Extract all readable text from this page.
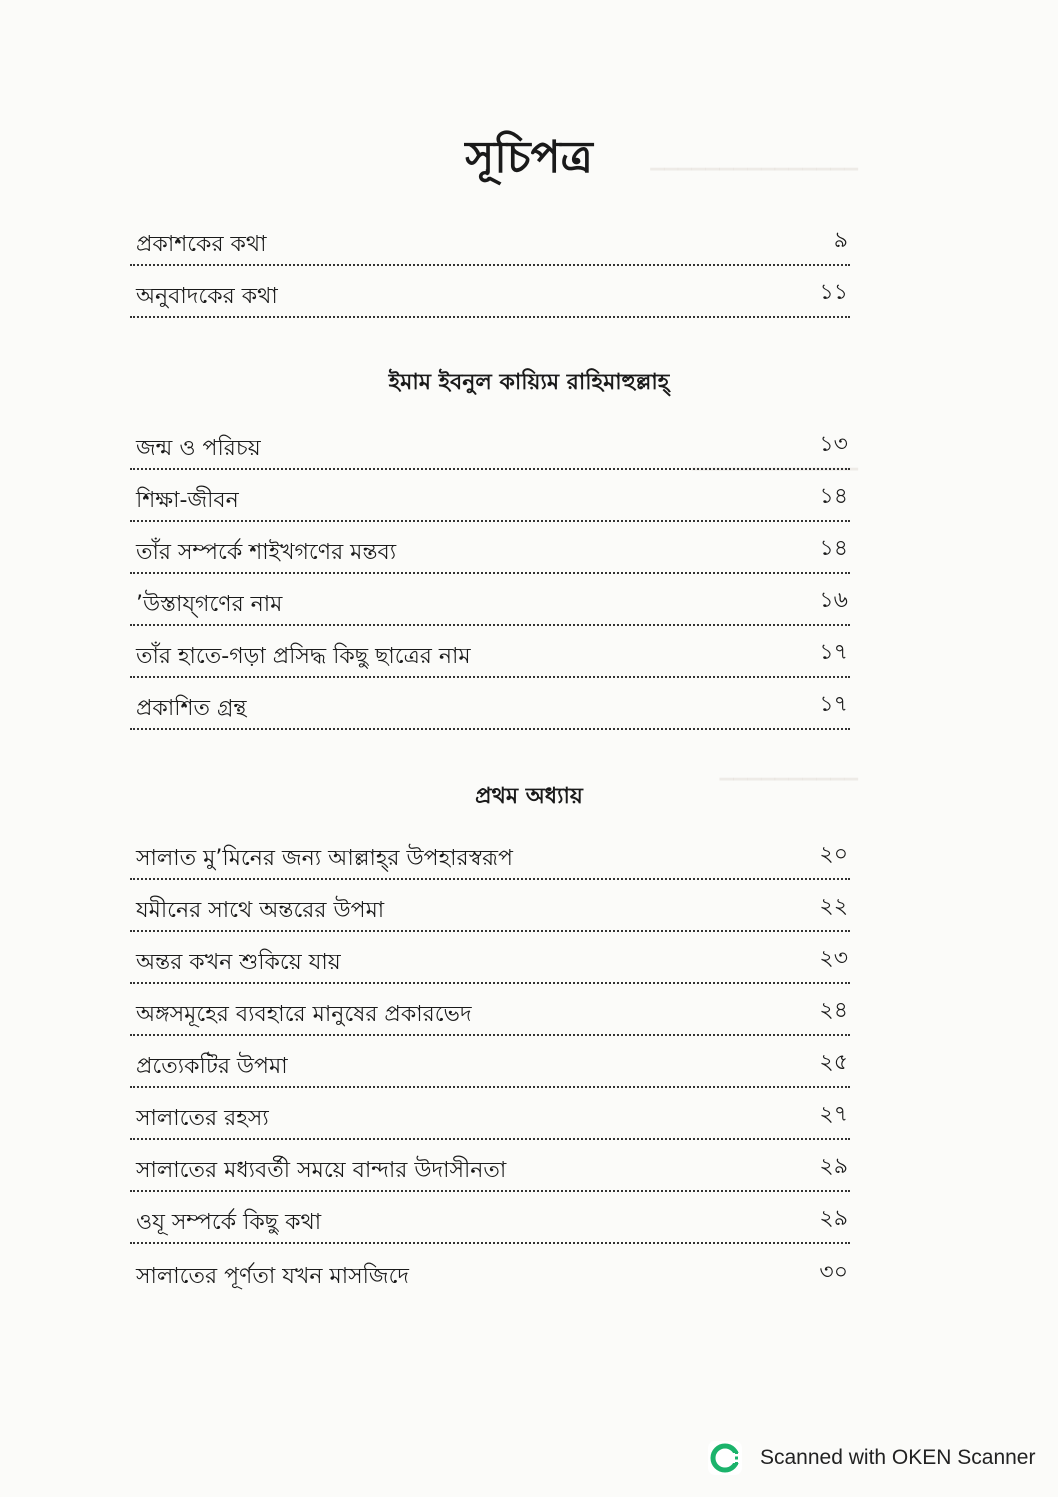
▁▁▁▁▁▁▁▁▁▁▁▁▁▁▁
▁▁▁▁▁▁▁▁▁▁▁▁
▁▁▁▁▁▁▁▁▁▁
সূচিপত্র
প্রকাশকের কথা	৯
অনুবাদকের কথা	১১
জন্ম ও পরিচয়	১৩
শিক্ষা-জীবন	১৪
তাঁর সম্পর্কে শাইখগণের মন্তব্য	১৪
’উস্তায্‌গণের নাম	১৬
তাঁর হাতে-গড়া প্রসিদ্ধ কিছু ছাত্রের নাম	১৭
প্রকাশিত গ্রন্থ	১৭
সালাত মু’মিনের জন্য আল্লাহ্‌র উপহারস্বরূপ	২০
যমীনের সাথে অন্তরের উপমা	২২
অন্তর কখন শুকিয়ে যায়	২৩
অঙ্গসমূহের ব্যবহারে মানুষের প্রকারভেদ	২৪
প্রত্যেকটির উপমা	২৫
সালাতের রহস্য	২৭
সালাতের মধ্যবর্তী সময়ে বান্দার উদাসীনতা	২৯
ওযূ সম্পর্কে কিছু কথা	২৯
সালাতের পূর্ণতা যখন মাসজিদে	৩০
ইমাম ইবনুল কায়্যিম রাহিমাহুল্লাহ্
প্রথম অধ্যায়
Scanned with OKEN Scanner
